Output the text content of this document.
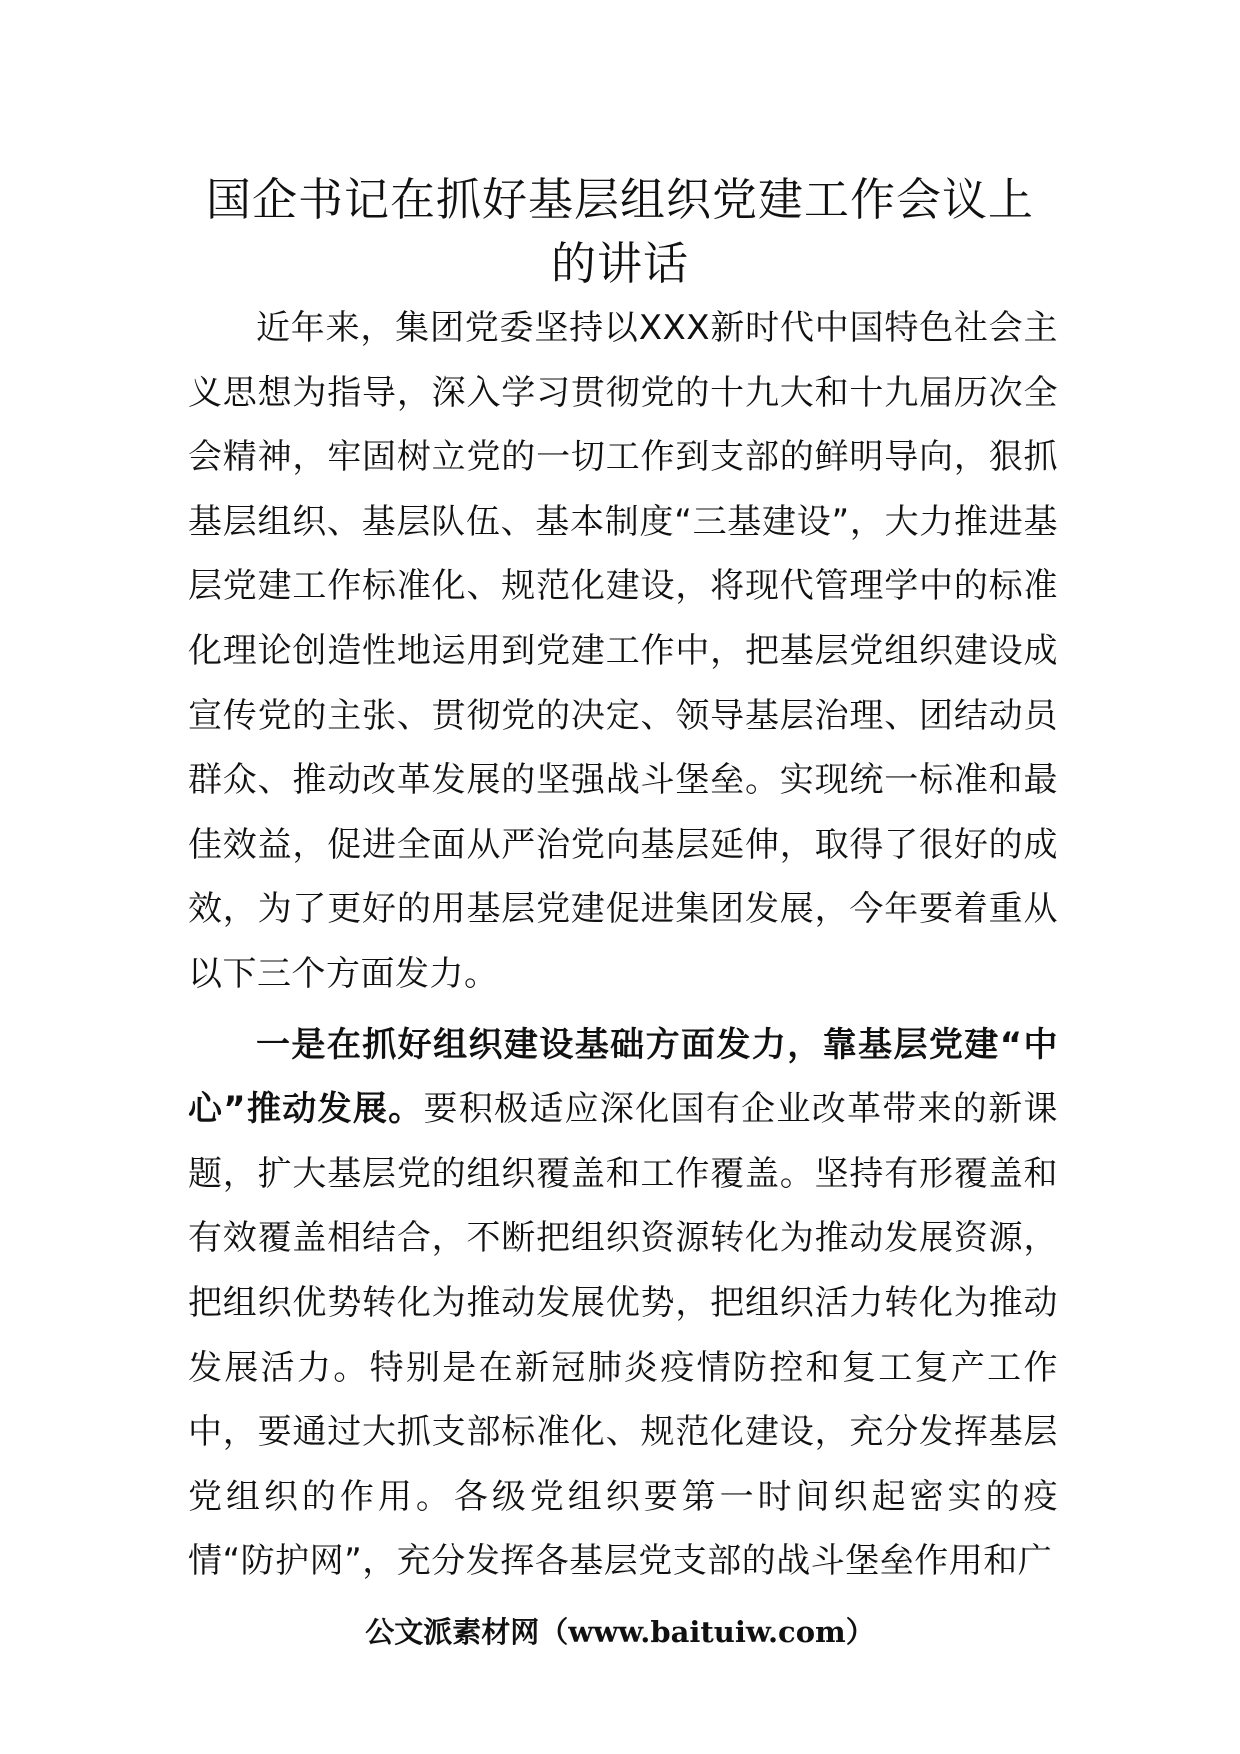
国企书记在抓好基层组织党建工作会议上
的讲话

近年来，集团党委坚持以XXX新时代中国特色社会主义思想为指导，深入学习贯彻党的十九大和十九届历次全会精神，牢固树立党的一切工作到支部的鲜明导向，狠抓基层组织、基层队伍、基本制度“三基建设”，大力推进基层党建工作标准化、规范化建设，将现代管理学中的标准化理论创造性地运用到党建工作中，把基层党组织建设成宣传党的主张、贯彻党的决定、领导基层治理、团结动员群众、推动改革发展的坚强战斗堡垒。实现统一标准和最佳效益，促进全面从严治党向基层延伸，取得了很好的成效，为了更好的用基层党建促进集团发展，今年要着重从以下三个方面发力。

一是在抓好组织建设基础方面发力，靠基层党建“中心”推动发展。要积极适应深化国有企业改革带来的新课题，扩大基层党的组织覆盖和工作覆盖。坚持有形覆盖和有效覆盖相结合，不断把组织资源转化为推动发展资源，把组织优势转化为推动发展优势，把组织活力转化为推动发展活力。特别是在新冠肺炎疫情防控和复工复产工作中，要通过大抓支部标准化、规范化建设，充分发挥基层党组织的作用。各级党组织要第一时间织起密实的疫情“防护网”，充分发挥各基层党支部的战斗堡垒作用和广

公文派素材网（www.baituiw.com）
